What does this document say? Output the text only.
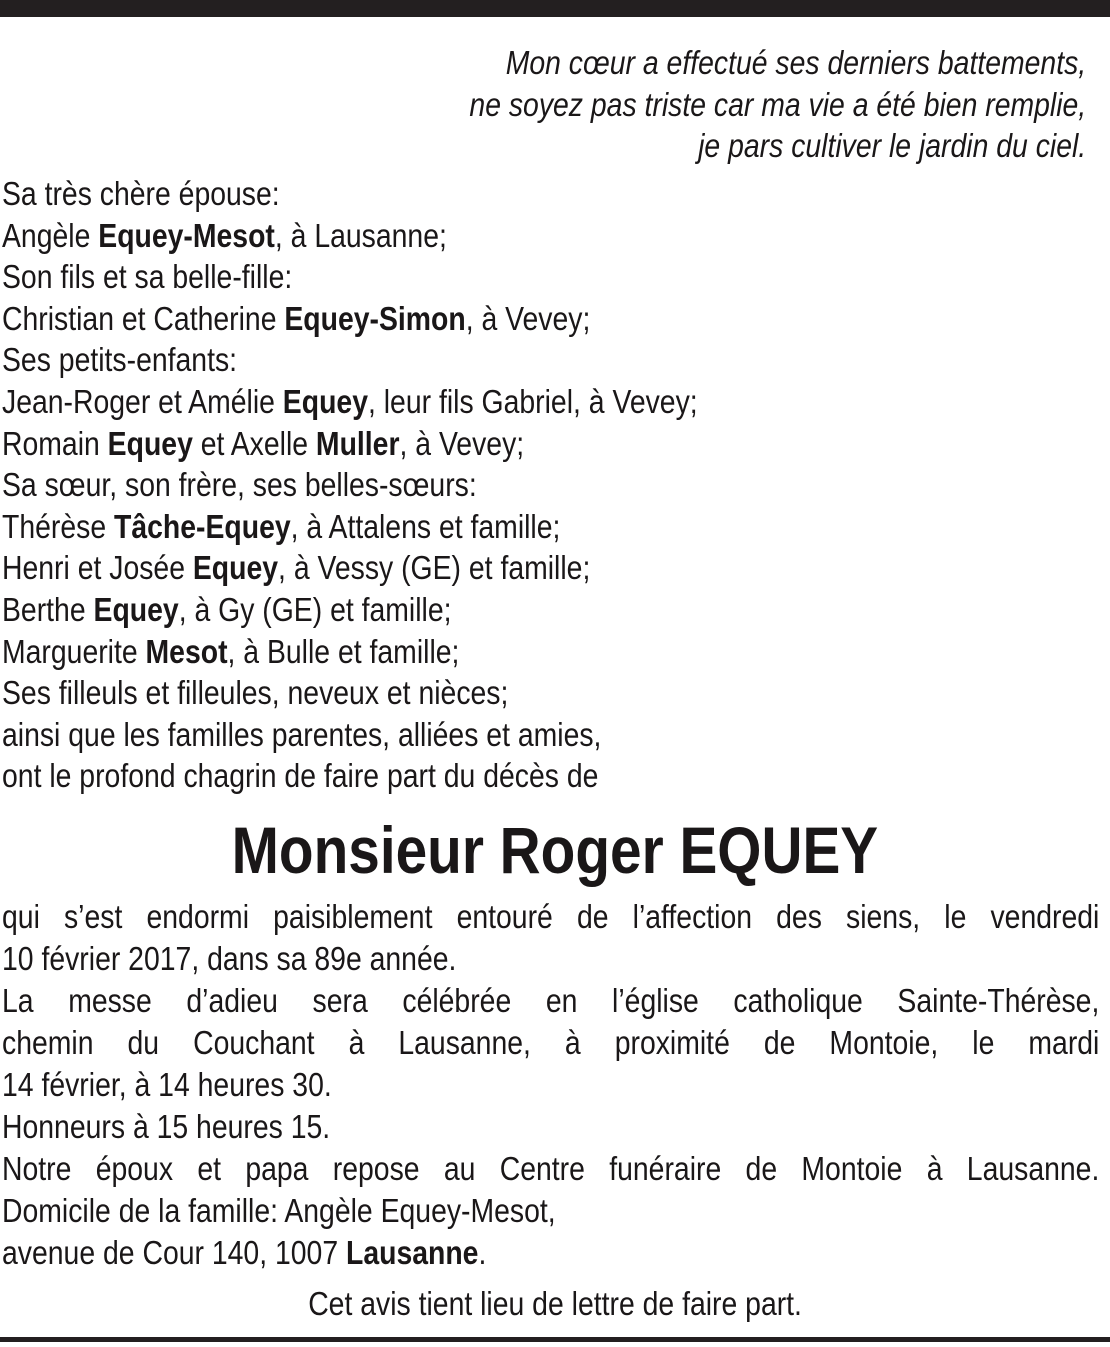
Mon cœur a effectué ses derniers battements,
ne soyez pas triste car ma vie a été bien remplie,
je pars cultiver le jardin du ciel.
Sa très chère épouse:
Angèle Equey-Mesot, à Lausanne;
Son fils et sa belle-fille:
Christian et Catherine Equey-Simon, à Vevey;
Ses petits-enfants:
Jean-Roger et Amélie Equey, leur fils Gabriel, à Vevey;
Romain Equey et Axelle Muller, à Vevey;
Sa sœur, son frère, ses belles-sœurs:
Thérèse Tâche-Equey, à Attalens et famille;
Henri et Josée Equey, à Vessy (GE) et famille;
Berthe Equey, à Gy (GE) et famille;
Marguerite Mesot, à Bulle et famille;
Ses filleuls et filleules, neveux et nièces;
ainsi que les familles parentes, alliées et amies,
ont le profond chagrin de faire part du décès de
Monsieur Roger EQUEY
qui s’est endormi paisiblement entouré de l’affection des siens, le vendredi
10 février 2017, dans sa 89e année.
La messe d’adieu sera célébrée en l’église catholique Sainte-Thérèse,
chemin du Couchant à Lausanne, à proximité de Montoie, le mardi
14 février, à 14 heures 30.
Honneurs à 15 heures 15.
Notre époux et papa repose au Centre funéraire de Montoie à Lausanne.
Domicile de la famille: Angèle Equey-Mesot,
avenue de Cour 140, 1007 Lausanne.
Cet avis tient lieu de lettre de faire part.
